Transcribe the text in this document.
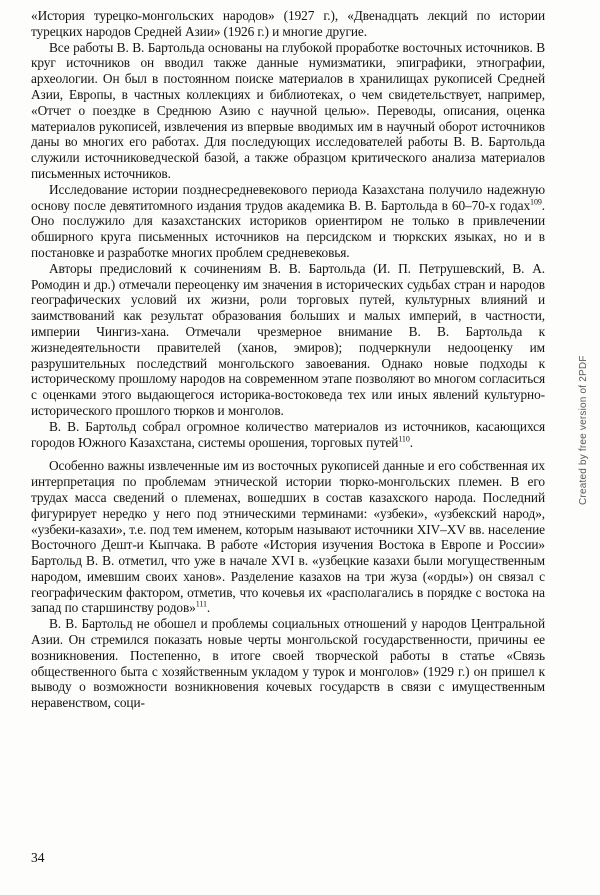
«История турецко-монгольских народов» (1927 г.), «Двенадцать лекций по истории турецких народов Средней Азии» (1926 г.) и многие другие.

Все работы В. В. Бартольда основаны на глубокой проработке восточных источников. В круг источников он вводил также данные нумизматики, эпиграфики, этнографии, археологии. Он был в постоянном поиске материалов в хранилищах рукописей Средней Азии, Европы, в частных коллекциях и библиотеках, о чем свидетельствует, например, «Отчет о поездке в Среднюю Азию с научной целью». Переводы, описания, оценка материалов рукописей, извлечения из впервые вводимых им в научный оборот источников даны во многих его работах. Для последующих исследователей работы В. В. Бартольда служили источниковедческой базой, а также образцом критического анализа материалов письменных источников.

Исследование истории позднесредневекового периода Казахстана получило надежную основу после девятитомного издания трудов академика В. В. Бартольда в 60–70-х годах$^{109}$. Оно послужило для казахстанских историков ориентиром не только в привлечении обширного круга письменных источников на персидском и тюркских языках, но и в постановке и разработке многих проблем средневековья.

Авторы предисловий к сочинениям В. В. Бартольда (И. П. Петрушевский, В. А. Ромодин и др.) отмечали переоценку им значения в исторических судьбах стран и народов географических условий их жизни, роли торговых путей, культурных влияний и заимствований как результат образования больших и малых империй, в частности, империи Чингиз-хана. Отмечали чрезмерное внимание В. В. Бартольда к жизнедеятельности правителей (ханов, эмиров); подчеркнули недооценку им разрушительных последствий монгольского завоевания. Однако новые подходы к историческому прошлому народов на современном этапе позволяют во многом согласиться с оценками этого выдающегося историка-востоковеда тех или иных явлений культурно-исторического прошлого тюрков и монголов.

В. В. Бартольд собрал огромное количество материалов из источников, касающихся городов Южного Казахстана, системы орошения, торговых путей$^{110}$.

Особенно важны извлеченные им из восточных рукописей данные и его собственная их интерпретация по проблемам этнической истории тюрко-монгольских племен. В его трудах масса сведений о племенах, вошедших в состав казахского народа. Последний фигурирует нередко у него под этническими терминами: «узбеки», «узбекский народ», «узбеки-казахи», т.е. под тем именем, которым называют источники XIV–XV вв. население Восточного Дешт-и Кыпчака. В работе «История изучения Востока в Европе и России» Бартольд В. В. отметил, что уже в начале XVI в. «узбецкие казахи были могущественным народом, имевшим своих ханов». Разделение казахов на три жуза («орды») он связал с географическим фактором, отметив, что кочевья их «располагались в порядке с востока на запад по старшинству родов»$^{111}$.

В. В. Бартольд не обошел и проблемы социальных отношений у народов Центральной Азии. Он стремился показать новые черты монгольской государственности, причины ее возникновения. Постепенно, в итоге своей творческой работы в статье «Связь общественного быта с хозяйственным укладом у турок и монголов» (1929 г.) он пришел к выводу о возможности возникновения кочевых государств в связи с имущественным неравенством, соци-

34
Created by free version of 2PDF
